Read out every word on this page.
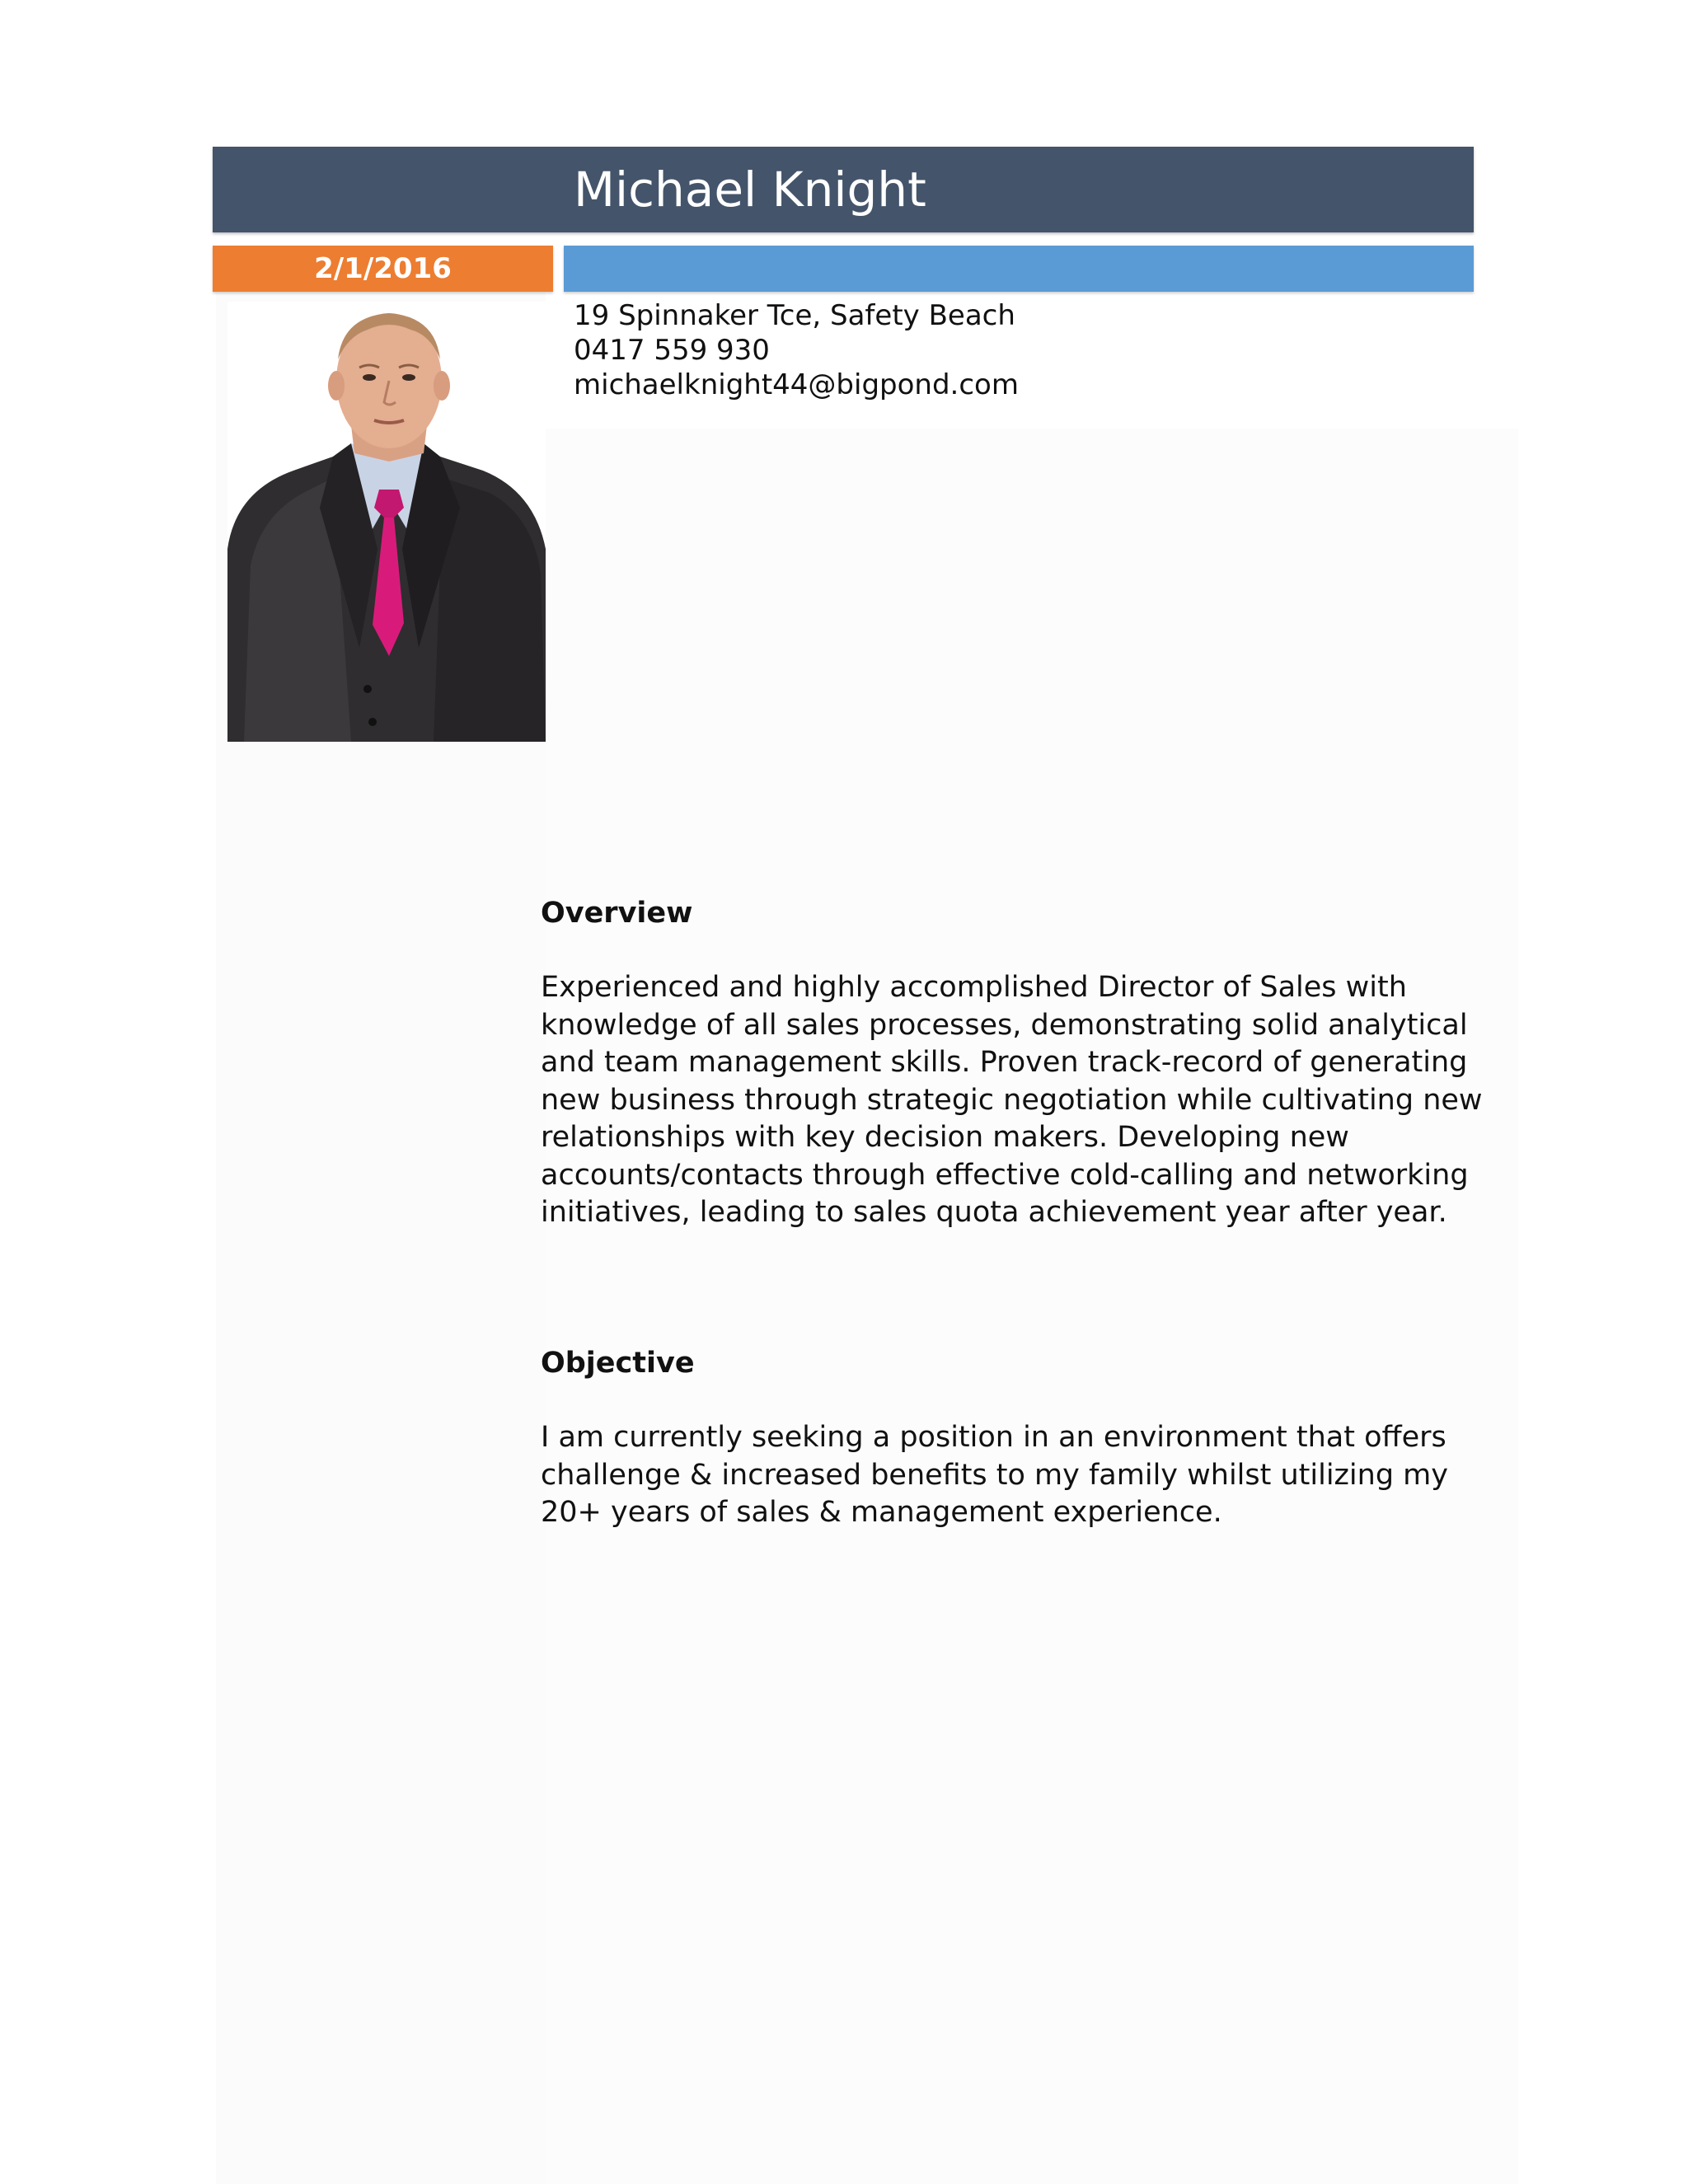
Michael Knight
2/1/2016
19 Spinnaker Tce, Safety Beach
0417 559 930
michaelknight44@bigpond.com
Overview

Experienced and highly accomplished Director of Sales with knowledge of all sales processes, demonstrating solid analytical and team management skills. Proven track-record of generating new business through strategic negotiation while cultivating new relationships with key decision makers. Developing new accounts/contacts through effective cold-calling and networking initiatives, leading to sales quota achievement year after year.

Objective

I am currently seeking a position in an environment that offers challenge & increased benefits to my family whilst utilizing my 20+ years of sales & management experience.
